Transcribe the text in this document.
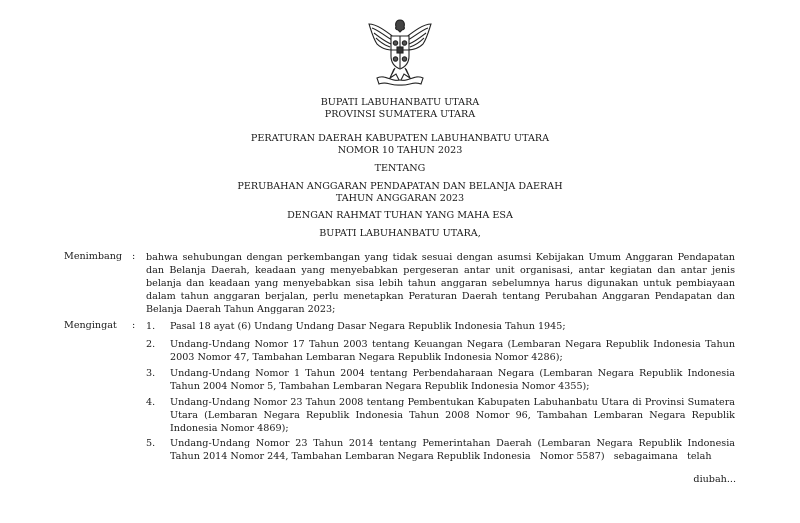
BUPATI LABUHANBATU UTARA
PROVINSI SUMATERA UTARA
PERATURAN DAERAH KABUPATEN LABUHANBATU UTARA
NOMOR 10 TAHUN 2023
TENTANG
PERUBAHAN ANGGARAN PENDAPATAN DAN BELANJA DAERAH
TAHUN ANGGARAN 2023
DENGAN RAHMAT TUHAN YANG MAHA ESA
BUPATI LABUHANBATU UTARA,
Menimbang : bahwa sehubungan dengan perkembangan yang tidak sesuai dengan asumsi Kebijakan Umum Anggaran Pendapatan dan Belanja Daerah, keadaan yang menyebabkan pergeseran antar unit organisasi, antar kegiatan dan antar jenis belanja dan keadaan yang menyebabkan sisa lebih tahun anggaran sebelumnya harus digunakan untuk pembiayaan dalam tahun anggaran berjalan, perlu menetapkan Peraturan Daerah tentang Perubahan Anggaran Pendapatan dan Belanja Daerah Tahun Anggaran 2023;
Mengingat : 1. Pasal 18 ayat (6) Undang Undang Dasar Negara Republik Indonesia Tahun 1945;
2. Undang-Undang Nomor 17 Tahun 2003 tentang Keuangan Negara (Lembaran Negara Republik Indonesia Tahun 2003 Nomor 47, Tambahan Lembaran Negara Republik Indonesia Nomor 4286);
3. Undang-Undang Nomor 1 Tahun 2004 tentang Perbendaharaan Negara (Lembaran Negara Republik Indonesia Tahun 2004 Nomor 5, Tambahan Lembaran Negara Republik Indonesia Nomor 4355);
4. Undang-Undang Nomor 23 Tahun 2008 tentang Pembentukan Kabupaten Labuhanbatu Utara di Provinsi Sumatera Utara (Lembaran Negara Republik Indonesia Tahun 2008 Nomor 96, Tambahan Lembaran Negara Republik Indonesia Nomor 4869);
5. Undang-Undang Nomor 23 Tahun 2014 tentang Pemerintahan Daerah (Lembaran Negara Republik Indonesia Tahun 2014 Nomor 244, Tambahan Lembaran Negara Republik Indonesia   Nomor 5587)   sebagaimana   telah
diubah...
